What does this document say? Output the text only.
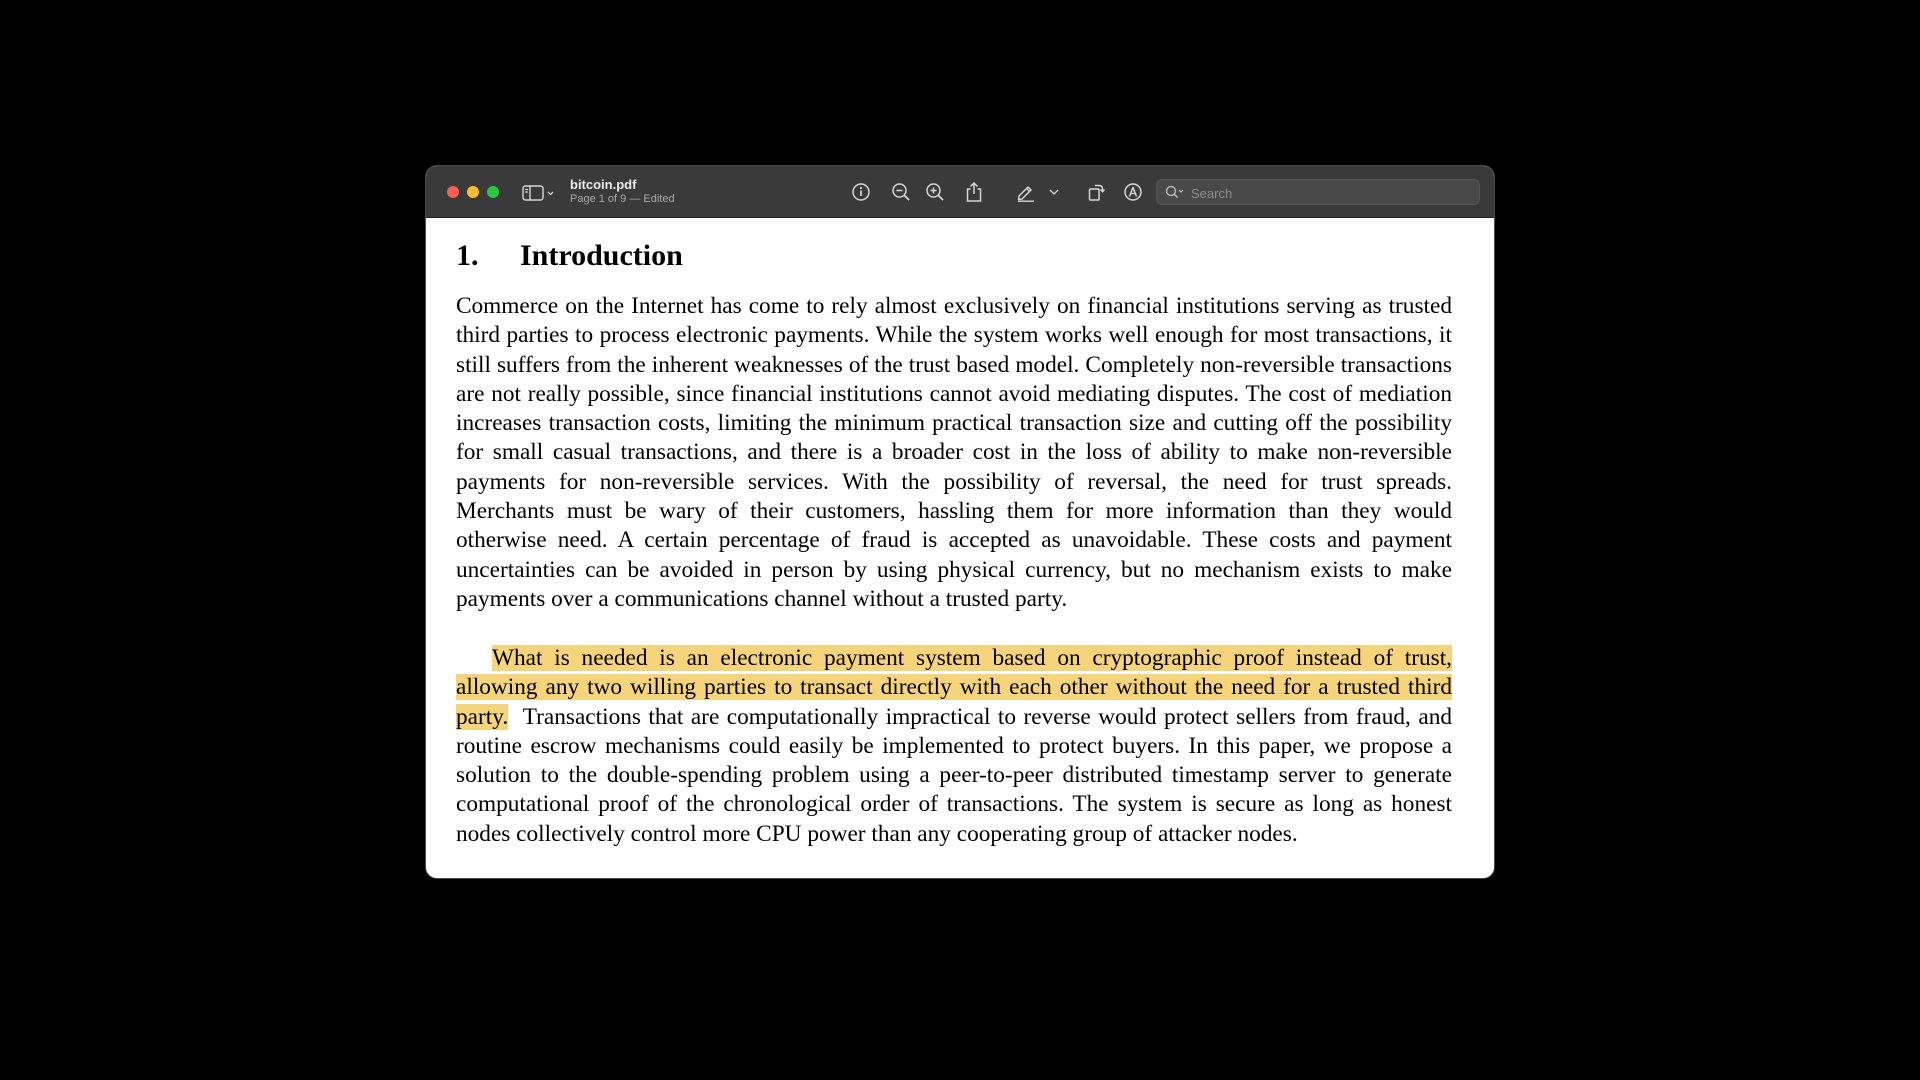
bitcoin.pdf
Page 1 of 9 — Edited
Search
1. Introduction

Commerce on the Internet has come to rely almost exclusively on financial institutions serving as trusted third parties to process electronic payments. While the system works well enough for most transactions, it still suffers from the inherent weaknesses of the trust based model. Completely non-reversible transactions are not really possible, since financial institutions cannot avoid mediating disputes. The cost of mediation increases transaction costs, limiting the minimum practical transaction size and cutting off the possibility for small casual transactions, and there is a broader cost in the loss of ability to make non-reversible payments for non-reversible services. With the possibility of reversal, the need for trust spreads. Merchants must be wary of their customers, hassling them for more information than they would otherwise need. A certain percentage of fraud is accepted as unavoidable. These costs and payment uncertainties can be avoided in person by using physical currency, but no mechanism exists to make payments over a communications channel without a trusted party.

What is needed is an electronic payment system based on cryptographic proof instead of trust, allowing any two willing parties to transact directly with each other without the need for a trusted third party. Transactions that are computationally impractical to reverse would protect sellers from fraud, and routine escrow mechanisms could easily be implemented to protect buyers. In this paper, we propose a solution to the double-spending problem using a peer-to-peer distributed timestamp server to generate computational proof of the chronological order of transactions. The system is secure as long as honest nodes collectively control more CPU power than any cooperating group of attacker nodes.
